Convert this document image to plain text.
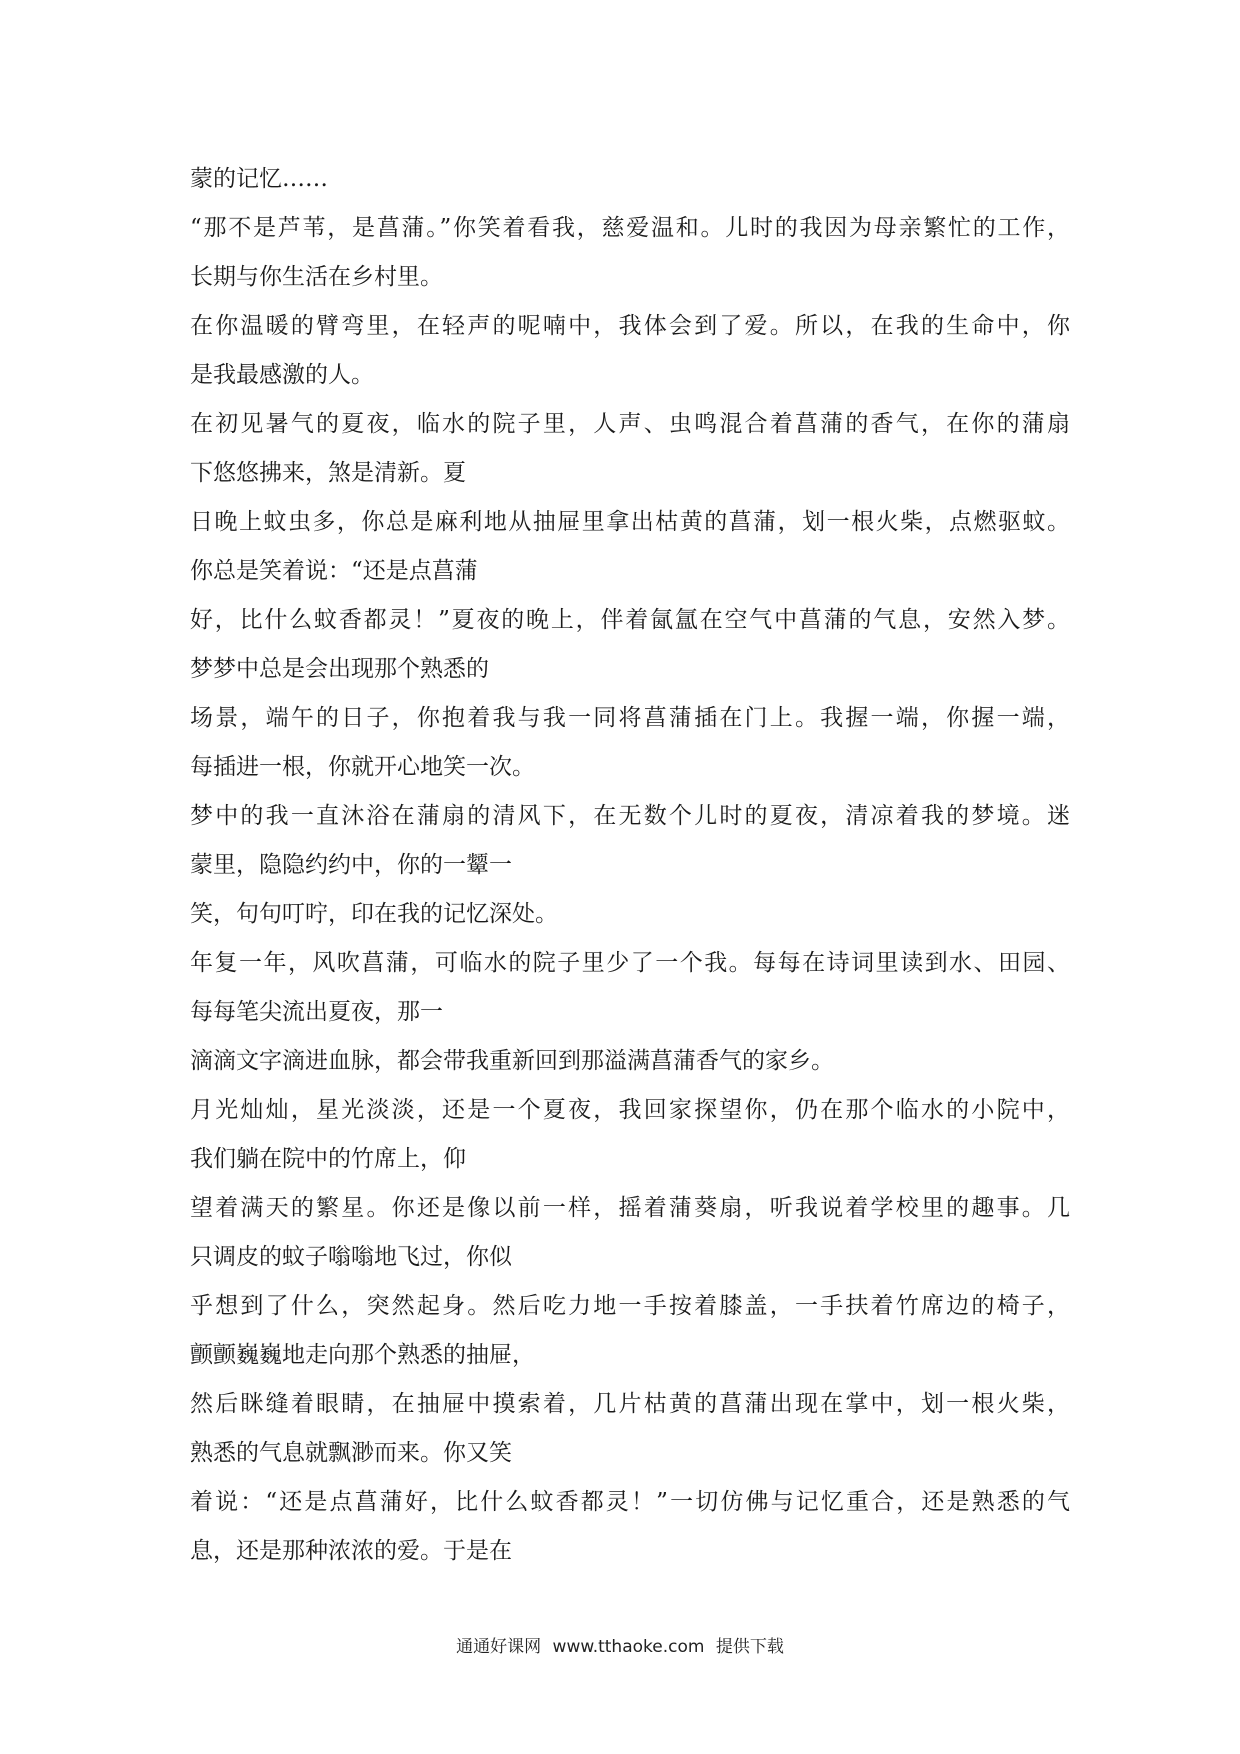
蒙的记忆……
“那不是芦苇，是菖蒲。”你笑着看我，慈爱温和。儿时的我因为母亲繁忙的工作，
长期与你生活在乡村里。
在你温暖的臂弯里，在轻声的呢喃中，我体会到了爱。所以，在我的生命中，你
是我最感激的人。
在初见暑气的夏夜，临水的院子里，人声、虫鸣混合着菖蒲的香气，在你的蒲扇
下悠悠拂来，煞是清新。夏
日晚上蚊虫多，你总是麻利地从抽屉里拿出枯黄的菖蒲，划一根火柴，点燃驱蚊。
你总是笑着说：“还是点菖蒲
好，比什么蚊香都灵！”夏夜的晚上，伴着氤氲在空气中菖蒲的气息，安然入梦。
梦梦中总是会出现那个熟悉的
场景，端午的日子，你抱着我与我一同将菖蒲插在门上。我握一端，你握一端，
每插进一根，你就开心地笑一次。
梦中的我一直沐浴在蒲扇的清风下，在无数个儿时的夏夜，清凉着我的梦境。迷
蒙里，隐隐约约中，你的一颦一
笑，句句叮咛，印在我的记忆深处。
年复一年，风吹菖蒲，可临水的院子里少了一个我。每每在诗词里读到水、田园、
每每笔尖流出夏夜，那一
滴滴文字滴进血脉，都会带我重新回到那溢满菖蒲香气的家乡。
月光灿灿，星光淡淡，还是一个夏夜，我回家探望你，仍在那个临水的小院中，
我们躺在院中的竹席上，仰
望着满天的繁星。你还是像以前一样，摇着蒲葵扇，听我说着学校里的趣事。几
只调皮的蚊子嗡嗡地飞过，你似
乎想到了什么，突然起身。然后吃力地一手按着膝盖，一手扶着竹席边的椅子，
颤颤巍巍地走向那个熟悉的抽屉，
然后眯缝着眼睛，在抽屉中摸索着，几片枯黄的菖蒲出现在掌中，划一根火柴，
熟悉的气息就飘渺而来。你又笑
着说：“还是点菖蒲好，比什么蚊香都灵！”一切仿佛与记忆重合，还是熟悉的气
息，还是那种浓浓的爱。于是在
通通好课网 www.tthaoke.com 提供下载
